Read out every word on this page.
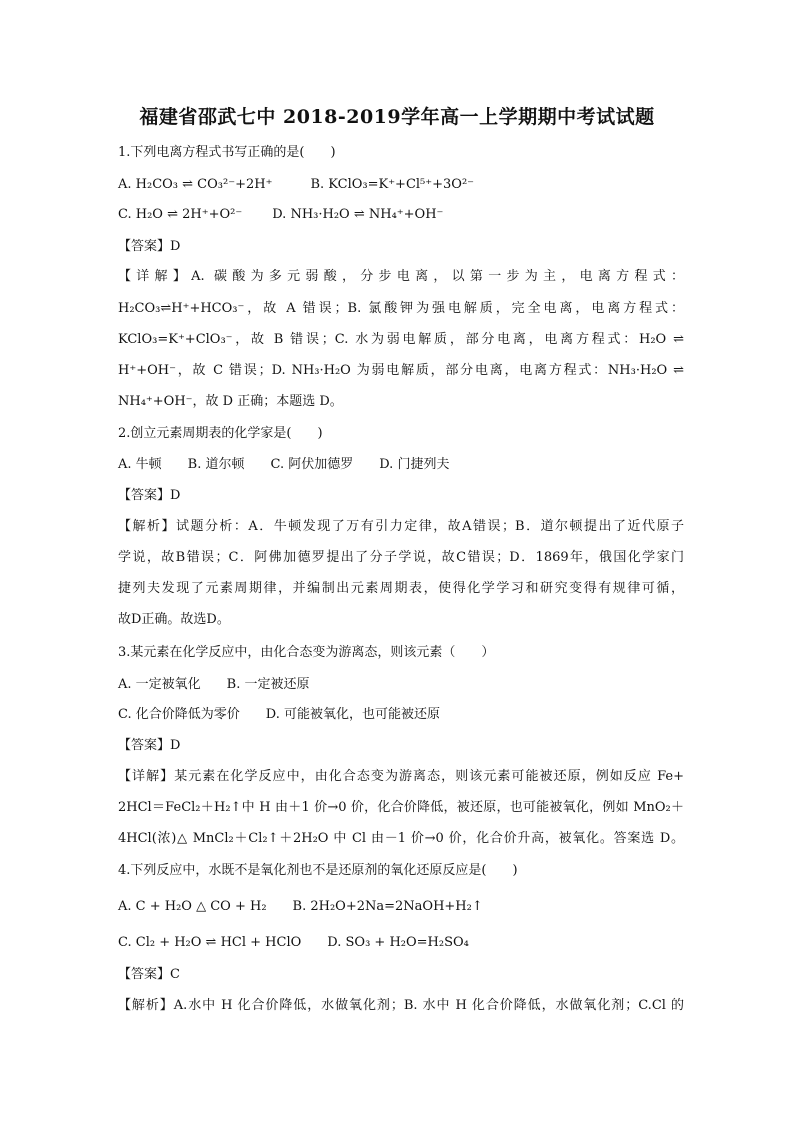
福建省邵武七中 2018-2019学年高一上学期期中考试试题
1.下列电离方程式书写正确的是(　　)
A. H₂CO₃ ⇌ CO₃²⁻+2H⁺	B. KClO₃=K⁺+Cl⁵⁺+3O²⁻
C. H₂O ⇌ 2H⁺+O²⁻ D. NH₃·H₂O ⇌ NH₄⁺+OH⁻
【答案】D
【详解】A. 碳酸为多元弱酸，分步电离，以第一步为主，电离方程式：
H₂CO₃⇌H⁺+HCO₃⁻，故 A 错误；B. 氯酸钾为强电解质，完全电离，电离方程式：
KClO₃=K⁺+ClO₃⁻，故 B 错误；C. 水为弱电解质，部分电离，电离方程式：H₂O ⇌
H⁺+OH⁻，故 C 错误；D. NH₃·H₂O 为弱电解质，部分电离，电离方程式：NH₃·H₂O ⇌
NH₄⁺+OH⁻，故 D 正确；本题选 D。
2.创立元素周期表的化学家是(　　)
A. 牛顿　　B. 道尔顿　　C. 阿伏加德罗　　D. 门捷列夫
【答案】D
【解析】试题分析：A．牛顿发现了万有引力定律，故A错误；B．道尔顿提出了近代原子
学说，故B错误；C．阿佛加德罗提出了分子学说，故C错误；D．1869年，俄国化学家门
捷列夫发现了元素周期律，并编制出元素周期表，使得化学学习和研究变得有规律可循，
故D正确。故选D。
3.某元素在化学反应中，由化合态变为游离态，则该元素（　　）
A. 一定被氧化　　B. 一定被还原
C. 化合价降低为零价　　D. 可能被氧化，也可能被还原
【答案】D
【详解】某元素在化学反应中，由化合态变为游离态，则该元素可能被还原，例如反应 Fe+
2HCl＝FeCl₂＋H₂↑中 H 由＋1 价→0 价，化合价降低，被还原，也可能被氧化，例如 MnO₂＋
4HCl(浓)△ MnCl₂＋Cl₂↑＋2H₂O 中 Cl 由－1 价→0 价，化合价升高，被氧化。答案选 D。
4.下列反应中，水既不是氧化剂也不是还原剂的氧化还原反应是(　　)
A. C + H₂O △ CO + H₂　　B. 2H₂O+2Na=2NaOH+H₂↑
C. Cl₂ + H₂O ⇌ HCl + HClO　　D. SO₃ + H₂O=H₂SO₄
【答案】C
【解析】A.水中 H 化合价降低，水做氧化剂；B. 水中 H 化合价降低，水做氧化剂；C.Cl 的
